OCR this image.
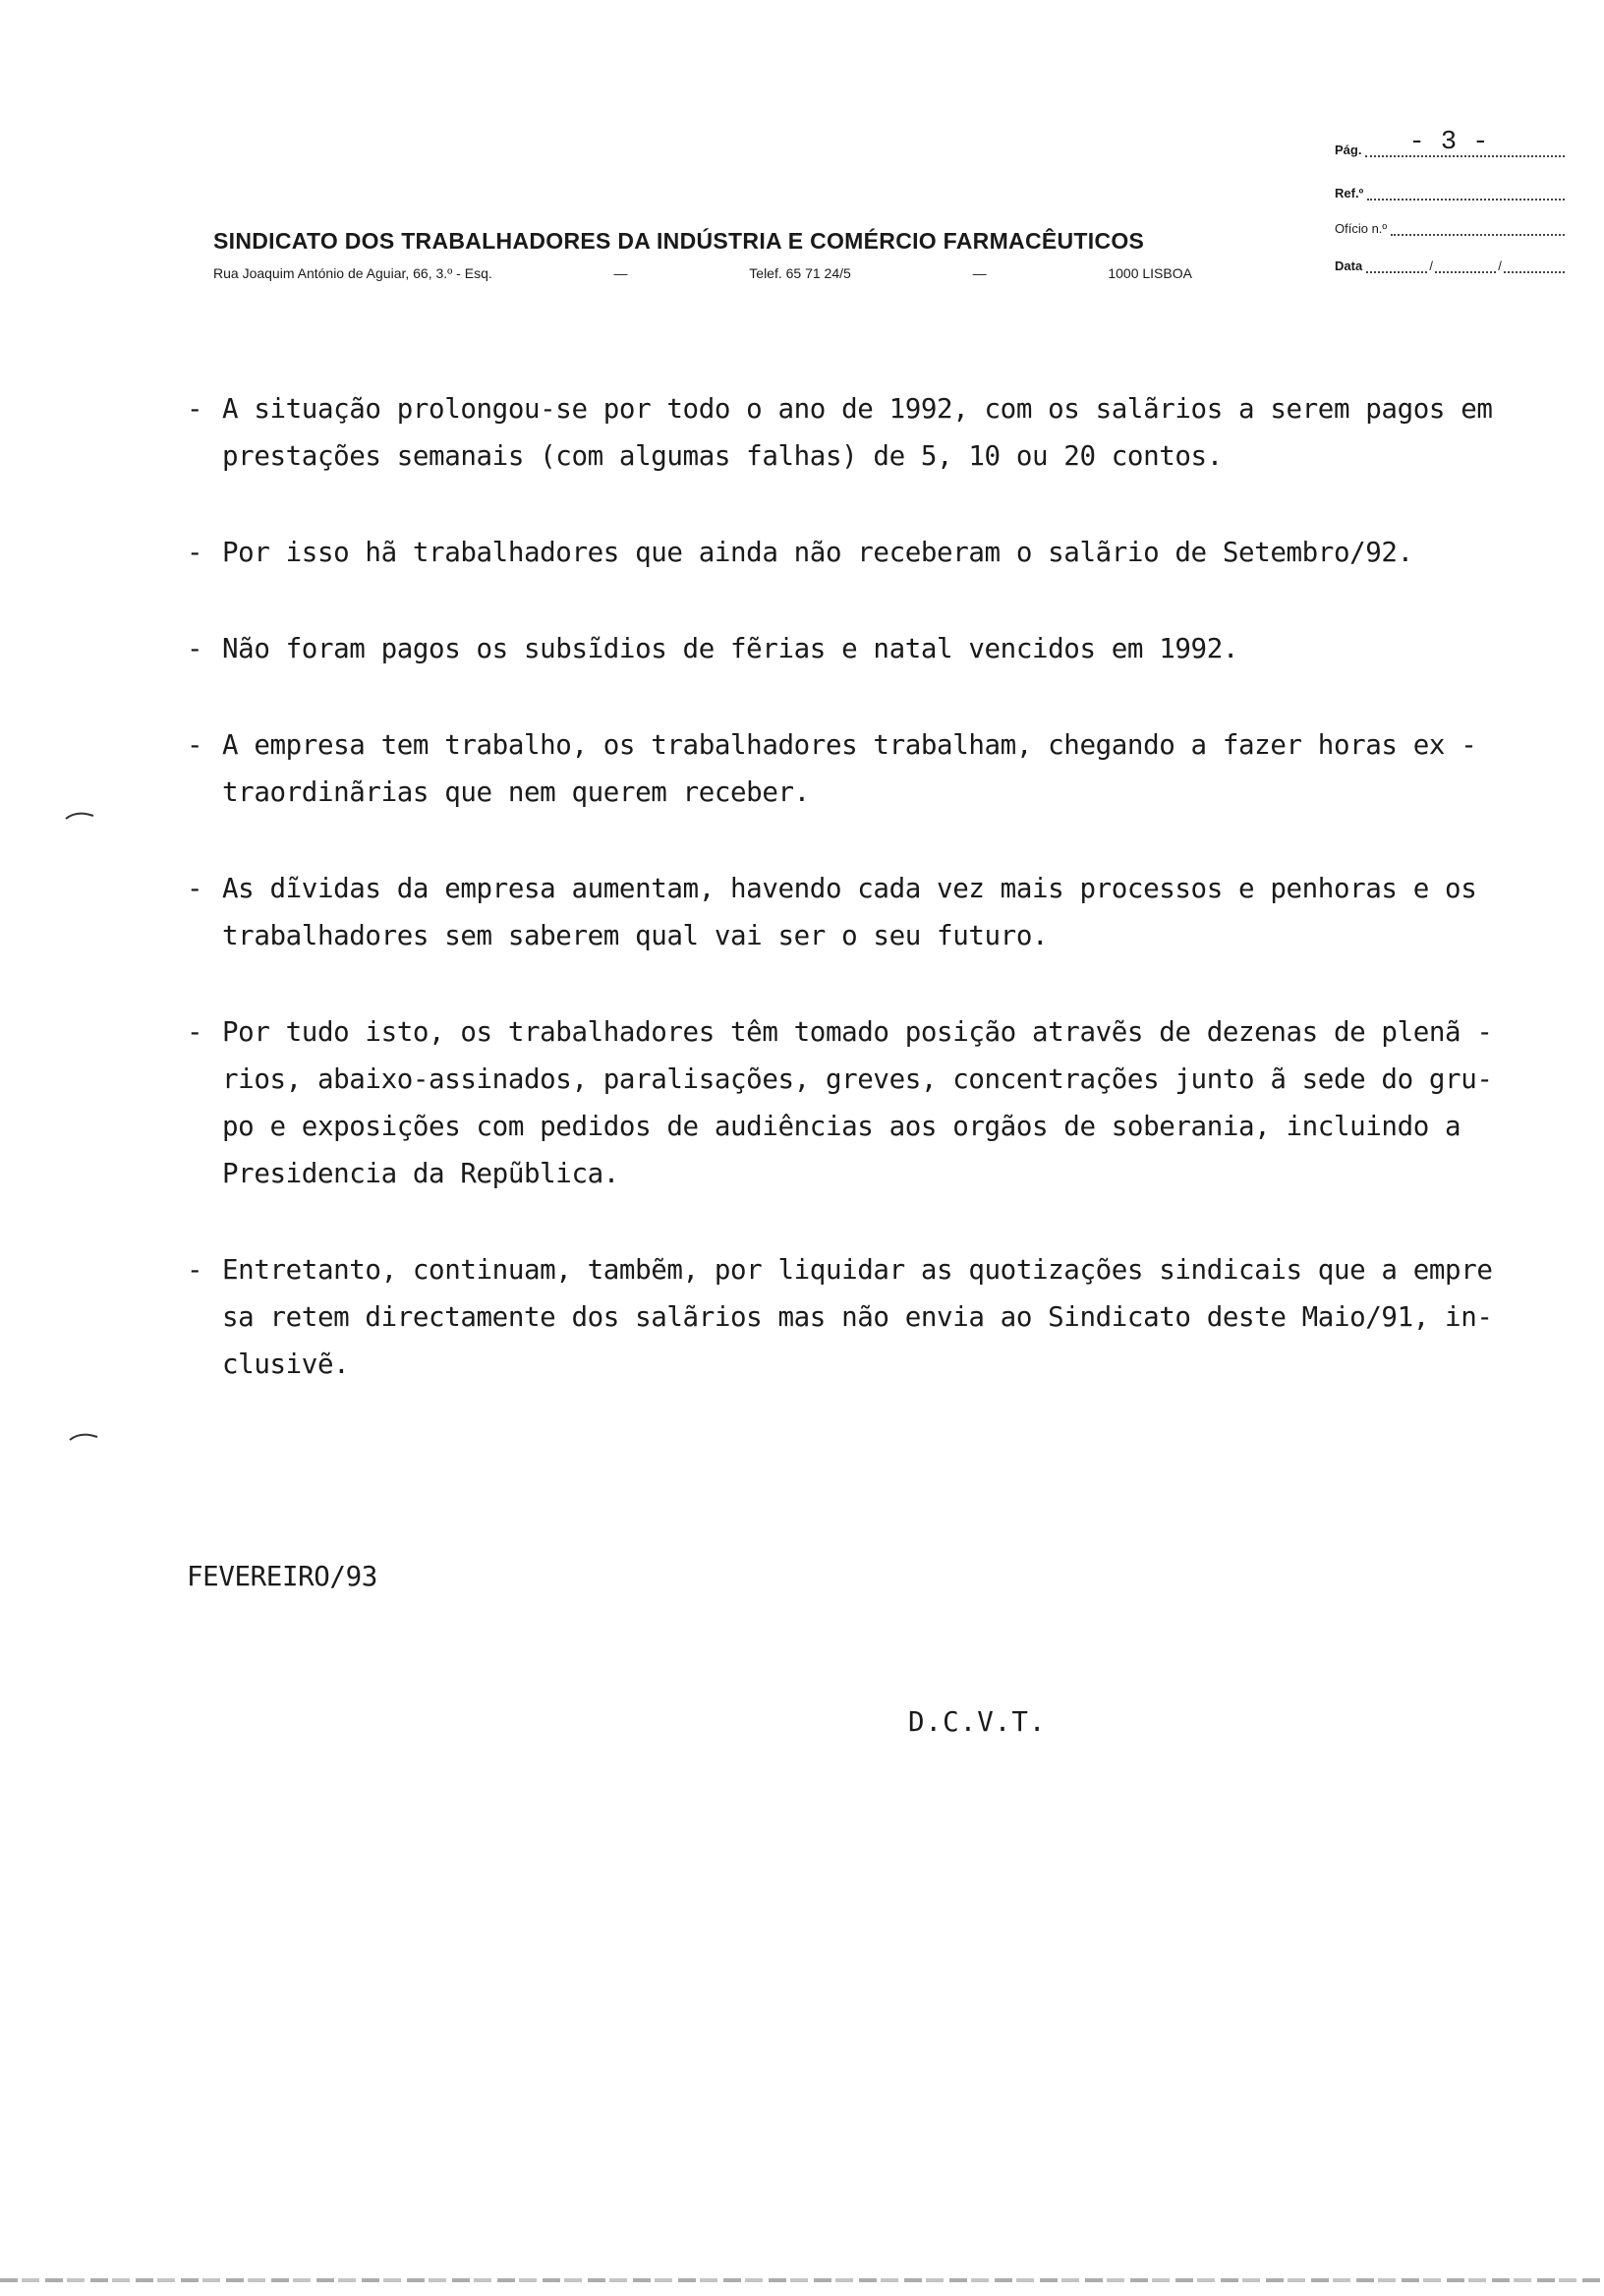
Pág. - 3 -
Ref.º
Ofício n.º
Data	/	/
SINDICATO DOS TRABALHADORES DA INDÚSTRIA E COMÉRCIO FARMACÊUTICOS
Rua Joaquim António de Aguiar, 66, 3.º - Esq.	—	Telef. 65 71 24/5	—	1000 LISBOA
- A situação prolongou-se por todo o ano de 1992, com os salãrios a serem pagos em
prestações semanais (com algumas falhas) de 5, 10 ou 20 contos.
- Por isso hã trabalhadores que ainda não receberam o salãrio de Setembro/92.
- Não foram pagos os subsĩdios de fẽrias e natal vencidos em 1992.
- A empresa tem trabalho, os trabalhadores trabalham, chegando a fazer horas ex -
traordinãrias que nem querem receber.
- As dĩvidas da empresa aumentam, havendo cada vez mais processos e penhoras e os
trabalhadores sem saberem qual vai ser o seu futuro.
- Por tudo isto, os trabalhadores têm tomado posição atravẽs de dezenas de plenã -
rios, abaixo-assinados, paralisações, greves, concentrações junto ã sede do gru-
po e exposições com pedidos de audiências aos orgãos de soberania, incluindo a
Presidencia da Repũblica.
- Entretanto, continuam, tambẽm, por liquidar as quotizações sindicais que a empre
sa retem directamente dos salãrios mas não envia ao Sindicato deste Maio/91, in-
clusivẽ.
FEVEREIRO/93
D.C.V.T.
